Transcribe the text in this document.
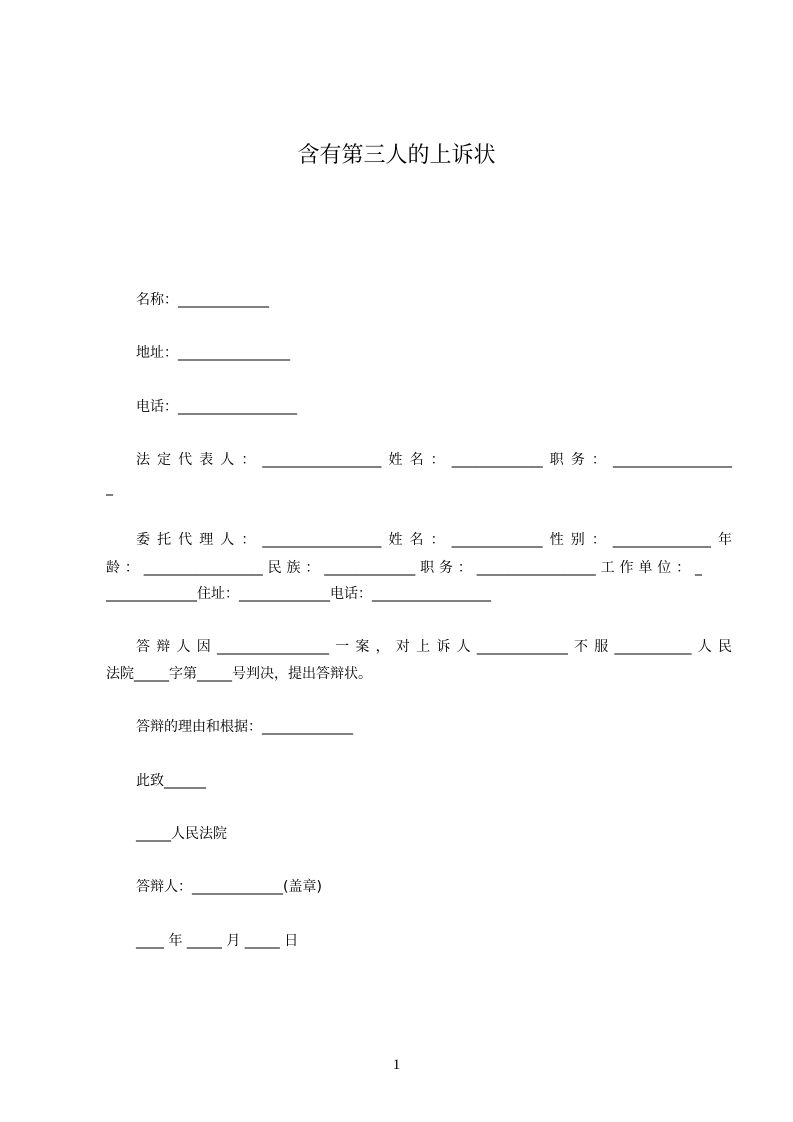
含有第三人的上诉状
名称：_____________
地址：________________
电话：_________________
法定代表人：_________________姓名：_____________职务：_________________
_
委托代理人：_________________姓名：_____________性别：______________年
龄：_________________民族：_____________职务：_________________工作单位：_
_____________住址：_____________电话：_________________
答辩人因________________一案，对上诉人_____________不服___________人民
法院_____字第_____号判决，提出答辩状。
答辩的理由和根据：_____________
此致______
_____人民法院
答辩人：_____________(盖章)
____ 年 _____ 月 _____ 日
1
